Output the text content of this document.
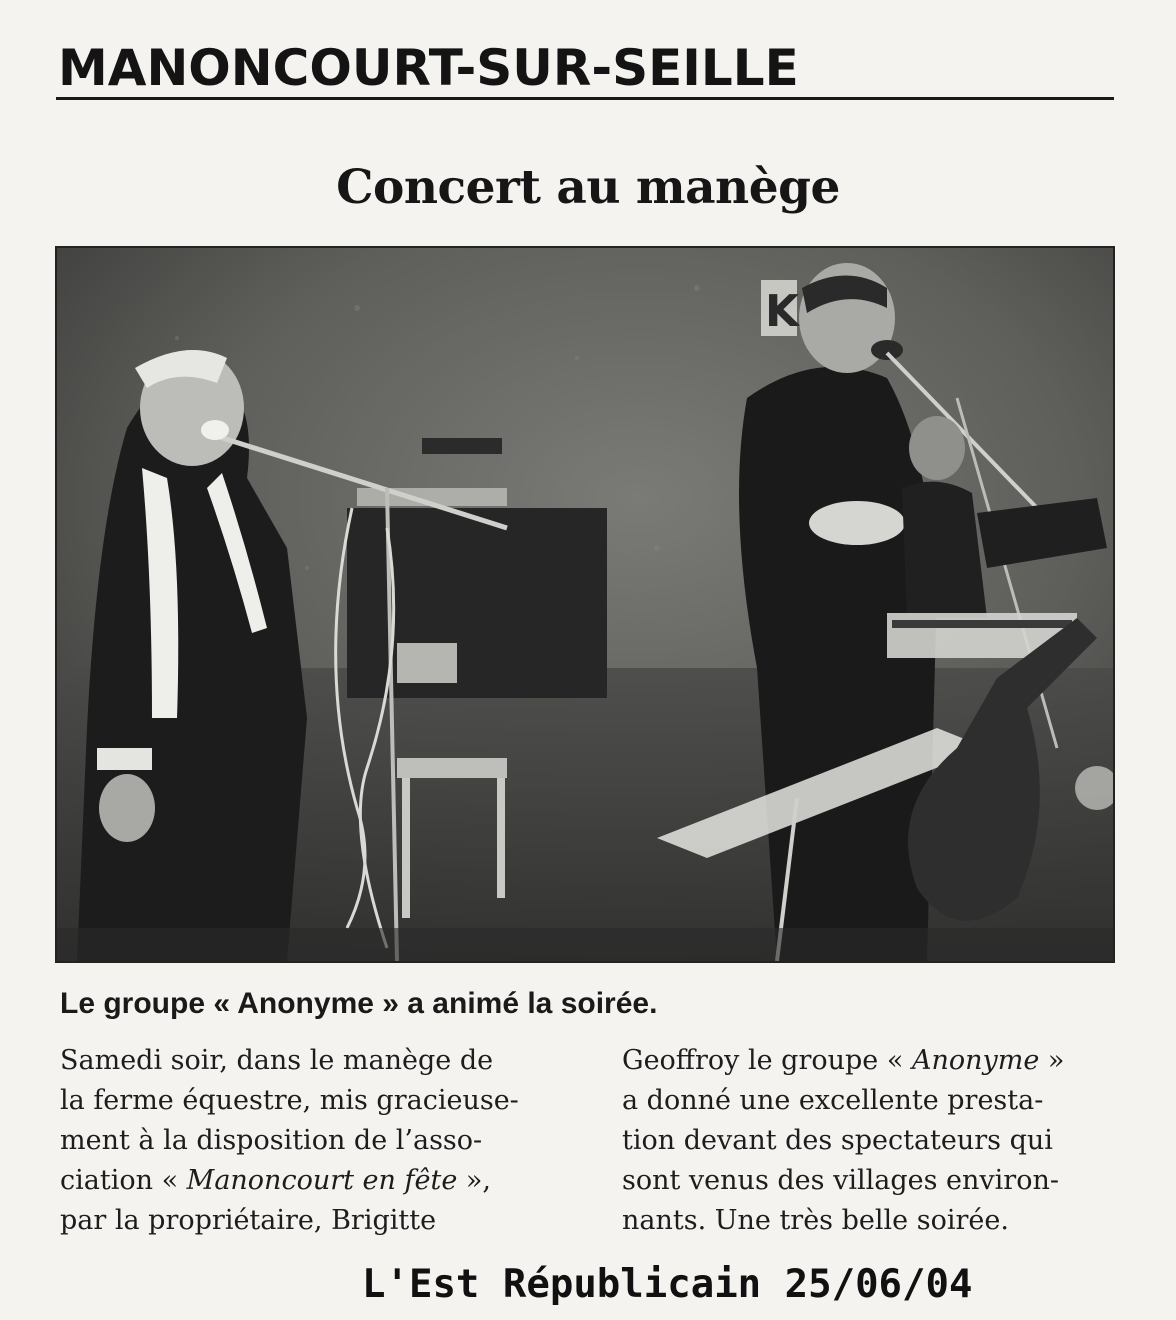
MANONCOURT-SUR-SEILLE
Concert au manège
K
Le groupe « Anonyme » a animé la soirée.
Samedi soir, dans le manège de
la ferme équestre, mis gracieuse-
ment à la disposition de l’asso-
ciation « Manoncourt en fête »,
par la propriétaire, Brigitte
Geoffroy le groupe « Anonyme »
a donné une excellente presta-
tion devant des spectateurs qui
sont venus des villages environ-
nants. Une très belle soirée.
L'Est Républicain 25/06/04
